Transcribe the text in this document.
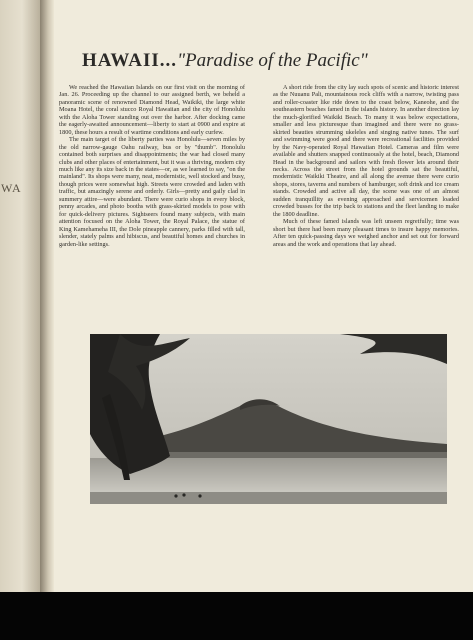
WA
HAWAII..."Paradise of the Pacific"

We reached the Hawaiian Islands on our first visit on the morning of Jan. 26. Proceeding up the channel to our assigned berth, we beheld a panoramic scene of renowned Diamond Head, Waikiki, the large white Moana Hotel, the coral stucco Royal Hawaiian and the city of Honolulu with the Aloha Tower standing out over the harbor. After docking came the eagerly-awaited announcement—liberty to start at 0900 and expire at 1800, these hours a result of wartime conditions and early curfew.

The main target of the liberty parties was Honolulu—seven miles by the old narrow-gauge Oahu railway, bus or by "thumb". Honolulu contained both surprises and disappointments; the war had closed many clubs and other places of entertainment, but it was a thriving, modern city much like any its size back in the states—or, as we learned to say, "on the mainland". Its shops were many, neat, modernistic, well stocked and busy, though prices were somewhat high. Streets were crowded and laden with traffic, but amazingly serene and orderly. Girls—pretty and gaily clad in summery attire—were abundant. There were curio shops in every block, penny arcades, and photo booths with grass-skirted models to pose with for quick-delivery pictures. Sightseers found many subjects, with main attention focused on the Aloha Tower, the Royal Palace, the statue of King Kamehameha III, the Dole pineapple cannery, parks filled with tall, slender, stately palms and hibiscus, and beautiful homes and churches in garden-like settings.

A short ride from the city lay such spots of scenic and historic interest as the Nuuanu Pali, mountainous rock cliffs with a narrow, twisting pass and roller-coaster like ride down to the coast below, Kaneohe, and the southeastern beaches famed in the islands history. In another direction lay the much-glorified Waikiki Beach. To many it was below expectations, smaller and less picturesque than imagined and there were no grass-skirted beauties strumming ukeleles and singing native tunes. The surf and swimming were good and there were recreational facilities provided by the Navy-operated Royal Hawaiian Hotel. Cameras and film were available and shutters snapped continuously at the hotel, beach, Diamond Head in the background and sailors with fresh flower leis around their necks. Across the street from the hotel grounds sat the beautiful, modernistic Waikiki Theatre, and all along the avenue there were curio shops, stores, taverns and numbers of hamburger, soft drink and ice cream stands. Crowded and active all day, the scene was one of an almost sudden tranquillity as evening approached and servicemen loaded crowded busses for the trip back to stations and the fleet landing to make the 1800 deadline.

Much of these famed islands was left unseen regretfully; time was short but there had been many pleasant times to insure happy memories. After ten quick-passing days we weighed anchor and set out for forward areas and the work and operations that lay ahead.
